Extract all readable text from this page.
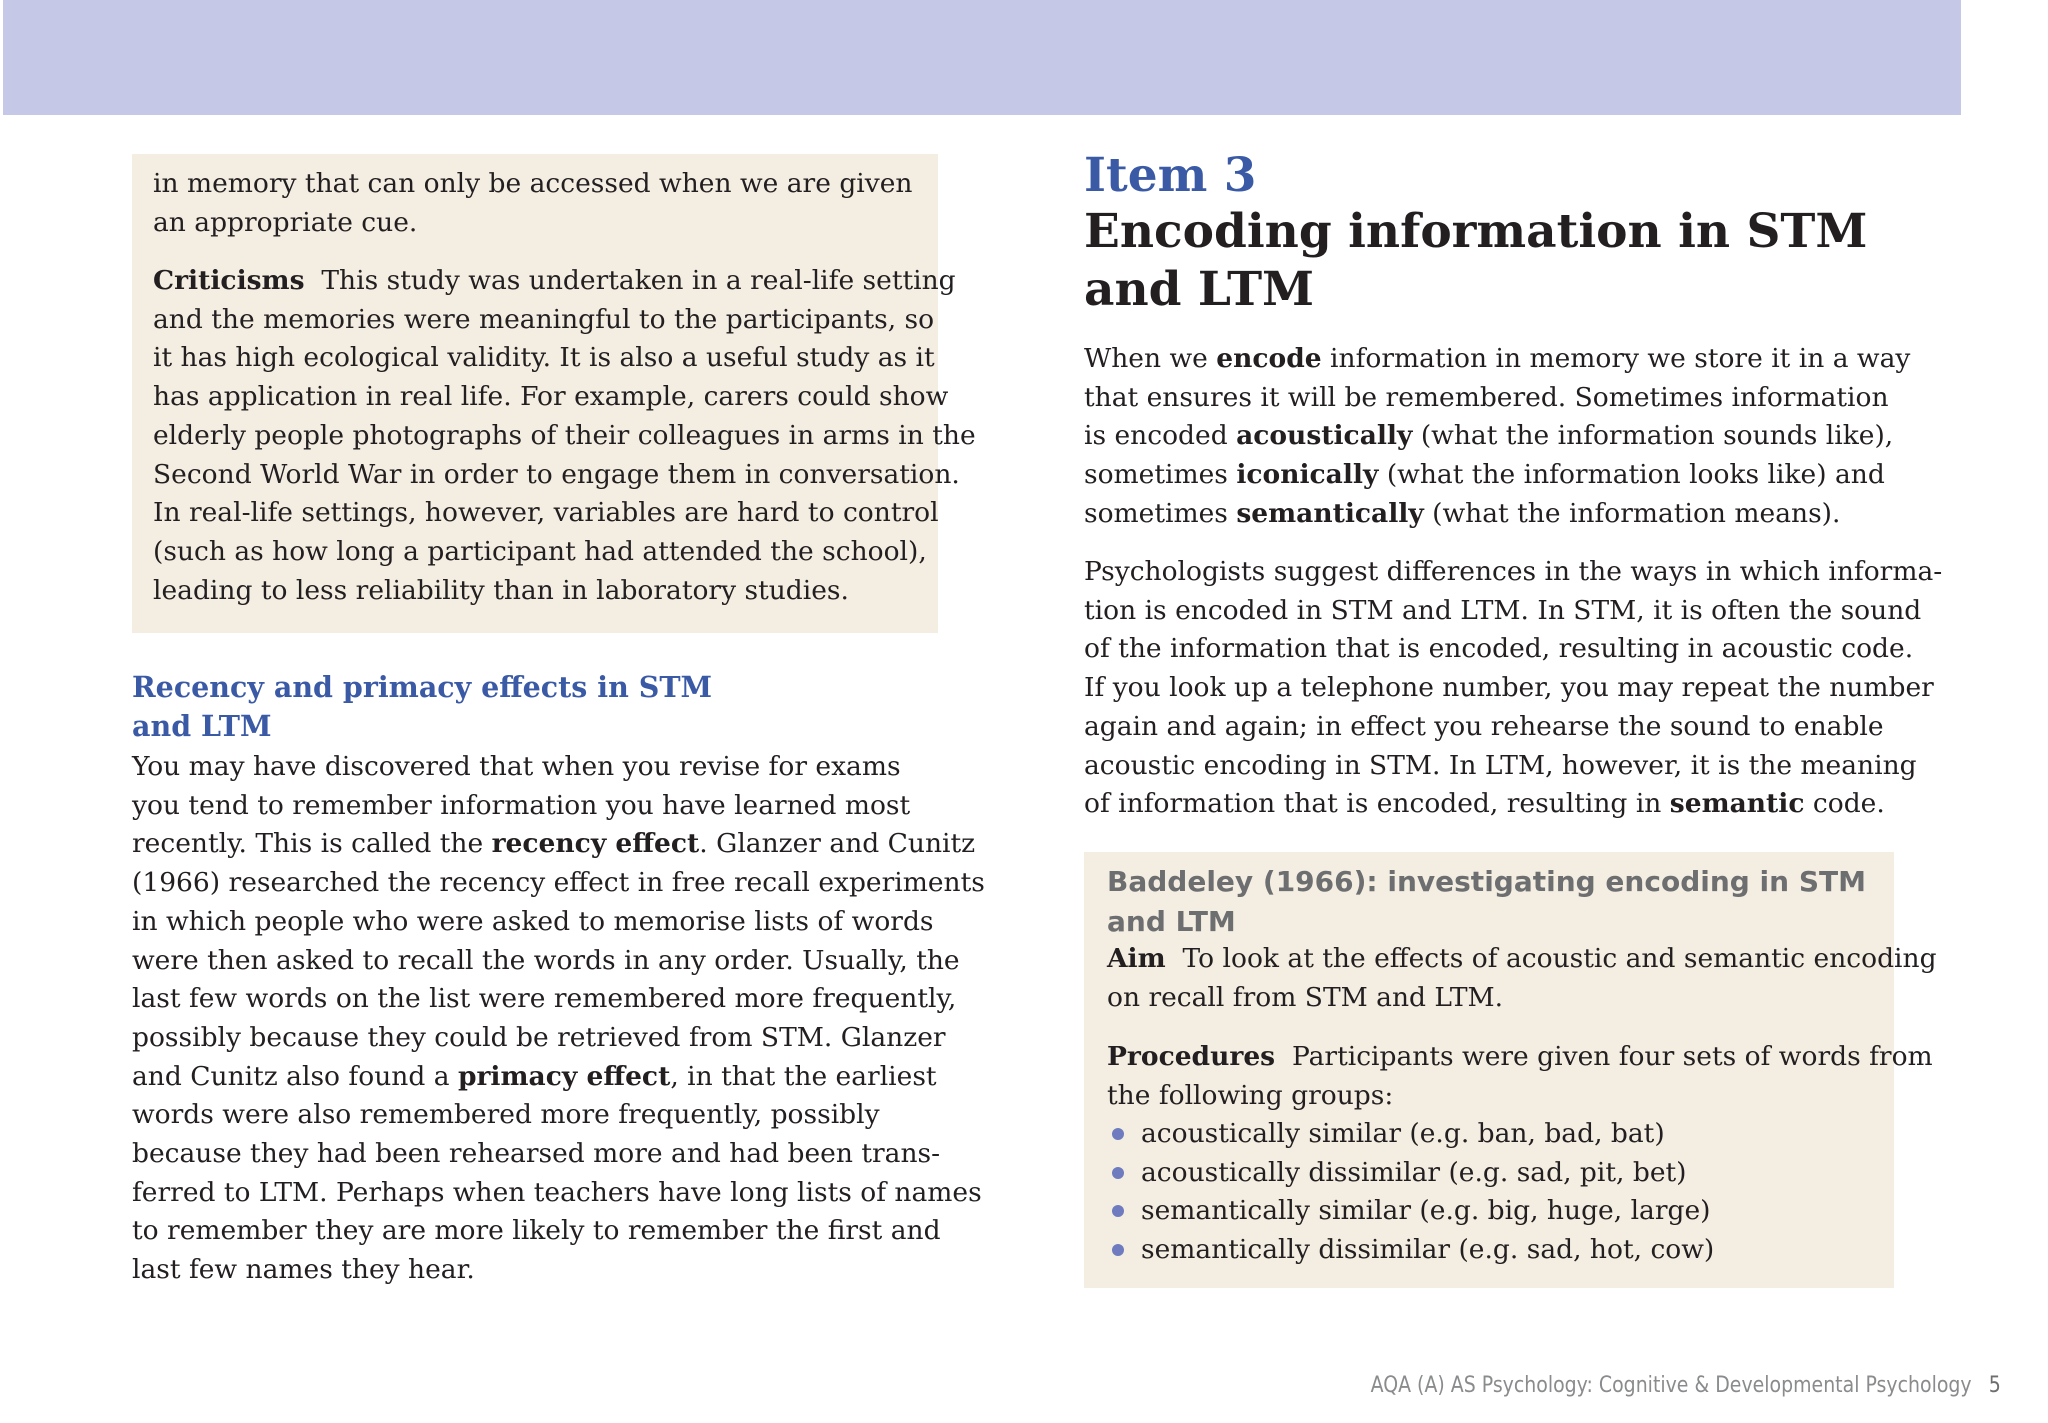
in memory that can only be accessed when we are given
an appropriate cue.

Criticisms This study was undertaken in a real-life setting
and the memories were meaningful to the participants, so
it has high ecological validity. It is also a useful study as it
has application in real life. For example, carers could show
elderly people photographs of their colleagues in arms in the
Second World War in order to engage them in conversation.
In real-life settings, however, variables are hard to control
(such as how long a participant had attended the school),
leading to less reliability than in laboratory studies.

Recency and primacy effects in STM
and LTM

You may have discovered that when you revise for exams
you tend to remember information you have learned most
recently. This is called the recency effect. Glanzer and Cunitz
(1966) researched the recency effect in free recall experiments
in which people who were asked to memorise lists of words
were then asked to recall the words in any order. Usually, the
last few words on the list were remembered more frequently,
possibly because they could be retrieved from STM. Glanzer
and Cunitz also found a primacy effect, in that the earliest
words were also remembered more frequently, possibly
because they had been rehearsed more and had been trans-
ferred to LTM. Perhaps when teachers have long lists of names
to remember they are more likely to remember the first and
last few names they hear.

Item 3
Encoding information in STM
and LTM

When we encode information in memory we store it in a way
that ensures it will be remembered. Sometimes information
is encoded acoustically (what the information sounds like),
sometimes iconically (what the information looks like) and
sometimes semantically (what the information means).

Psychologists suggest differences in the ways in which informa-
tion is encoded in STM and LTM. In STM, it is often the sound
of the information that is encoded, resulting in acoustic code.
If you look up a telephone number, you may repeat the number
again and again; in effect you rehearse the sound to enable
acoustic encoding in STM. In LTM, however, it is the meaning
of information that is encoded, resulting in semantic code.

Baddeley (1966): investigating encoding in STM
and LTM

Aim To look at the effects of acoustic and semantic encoding
on recall from STM and LTM.

Procedures Participants were given four sets of words from
the following groups:

acoustically similar (e.g. ban, bad, bat)
acoustically dissimilar (e.g. sad, pit, bet)
semantically similar (e.g. big, huge, large)
semantically dissimilar (e.g. sad, hot, cow)
AQA (A) AS Psychology: Cognitive & Developmental Psychology 5
